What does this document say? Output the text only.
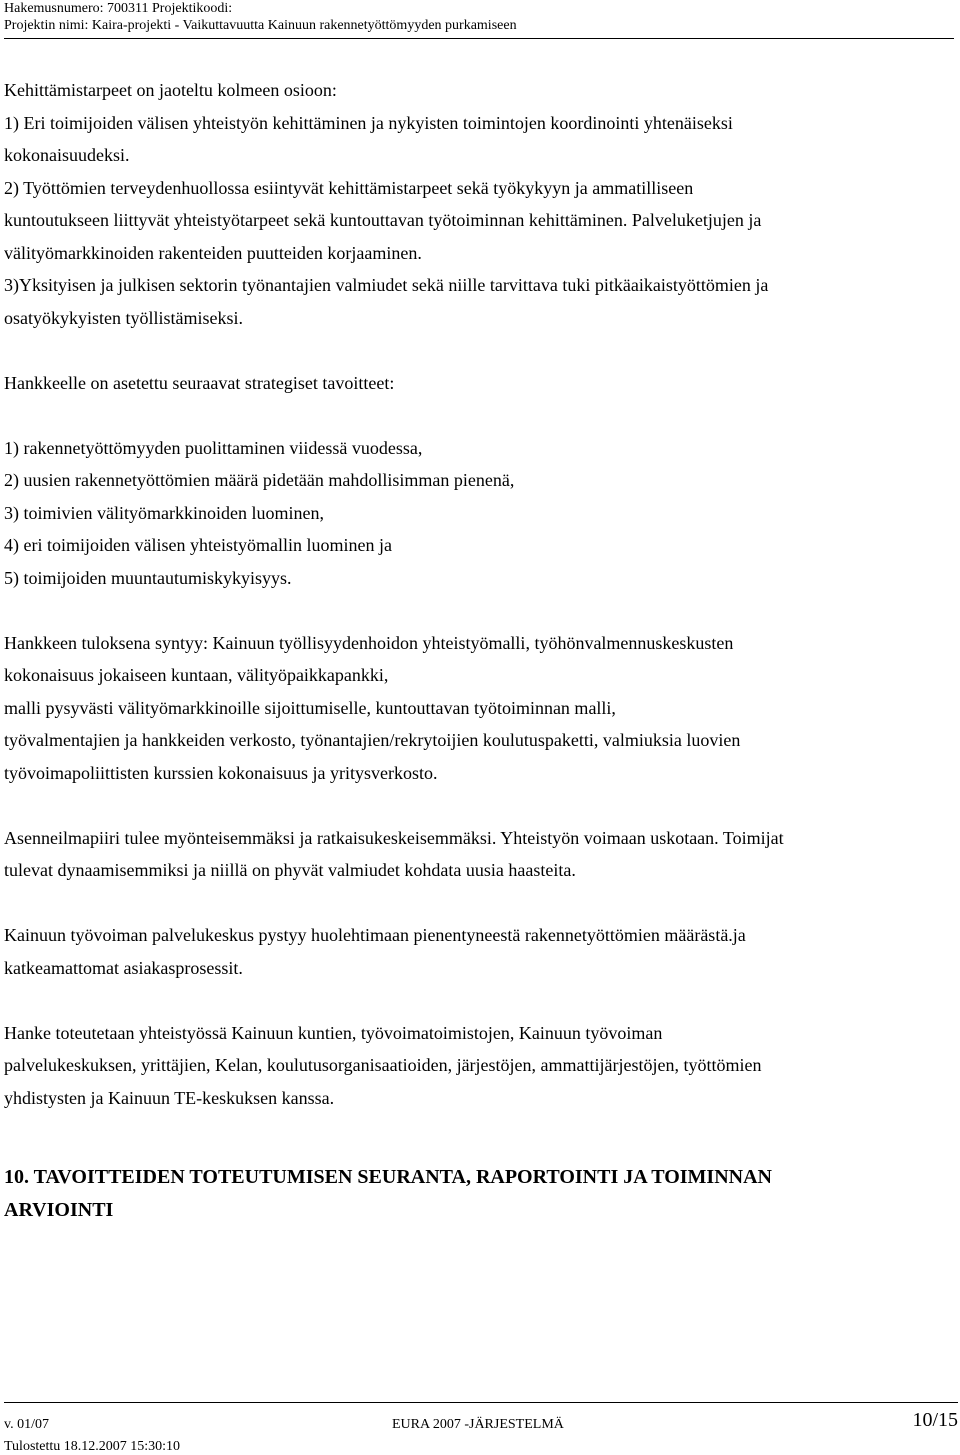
Hakemusnumero: 700311 Projektikoodi:
Projektin nimi: Kaira-projekti - Vaikuttavuutta Kainuun rakennetyöttömyyden purkamiseen

Kehittämistarpeet on jaoteltu kolmeen osioon:

1) Eri toimijoiden välisen yhteistyön kehittäminen ja nykyisten toimintojen koordinointi yhtenäiseksi

kokonaisuudeksi.

2) Työttömien terveydenhuollossa esiintyvät kehittämistarpeet sekä työkykyyn ja ammatilliseen

kuntoutukseen liittyvät yhteistyötarpeet sekä kuntouttavan työtoiminnan kehittäminen. Palveluketjujen ja

välityömarkkinoiden rakenteiden puutteiden korjaaminen.

3)Yksityisen ja julkisen sektorin työnantajien valmiudet sekä niille tarvittava tuki pitkäaikaistyöttömien ja

osatyökykyisten työllistämiseksi.

Hankkeelle on asetettu seuraavat strategiset tavoitteet:

1) rakennetyöttömyyden puolittaminen viidessä vuodessa,

2) uusien rakennetyöttömien määrä pidetään mahdollisimman pienenä,

3) toimivien välityömarkkinoiden luominen,

4) eri toimijoiden välisen yhteistyömallin luominen ja

5) toimijoiden muuntautumiskykyisyys.

Hankkeen tuloksena syntyy: Kainuun työllisyydenhoidon yhteistyömalli, työhönvalmennuskeskusten

kokonaisuus jokaiseen kuntaan, välityöpaikkapankki,

malli pysyvästi välityömarkkinoille sijoittumiselle, kuntouttavan työtoiminnan malli,

työvalmentajien ja hankkeiden verkosto, työnantajien/rekrytoijien koulutuspaketti, valmiuksia luovien

työvoimapoliittisten kurssien kokonaisuus ja yritysverkosto.

Asenneilmapiiri tulee myönteisemmäksi ja ratkaisukeskeisemmäksi. Yhteistyön voimaan uskotaan. Toimijat

tulevat dynaamisemmiksi ja niillä on phyvät valmiudet kohdata uusia haasteita.

Kainuun työvoiman palvelukeskus pystyy huolehtimaan pienentyneestä rakennetyöttömien määrästä.ja

katkeamattomat asiakasprosessit.

Hanke toteutetaan yhteistyössä Kainuun kuntien, työvoimatoimistojen, Kainuun työvoiman

palvelukeskuksen, yrittäjien, Kelan, koulutusorganisaatioiden, järjestöjen, ammattijärjestöjen, työttömien

yhdistysten ja Kainuun TE-keskuksen kanssa.

10. TAVOITTEIDEN TOTEUTUMISEN SEURANTA, RAPORTOINTI JA TOIMINNAN

ARVIOINTI

v. 01/07	EURA 2007 -JÄRJESTELMÄ	10/15
Tulostettu 18.12.2007 15:30:10
